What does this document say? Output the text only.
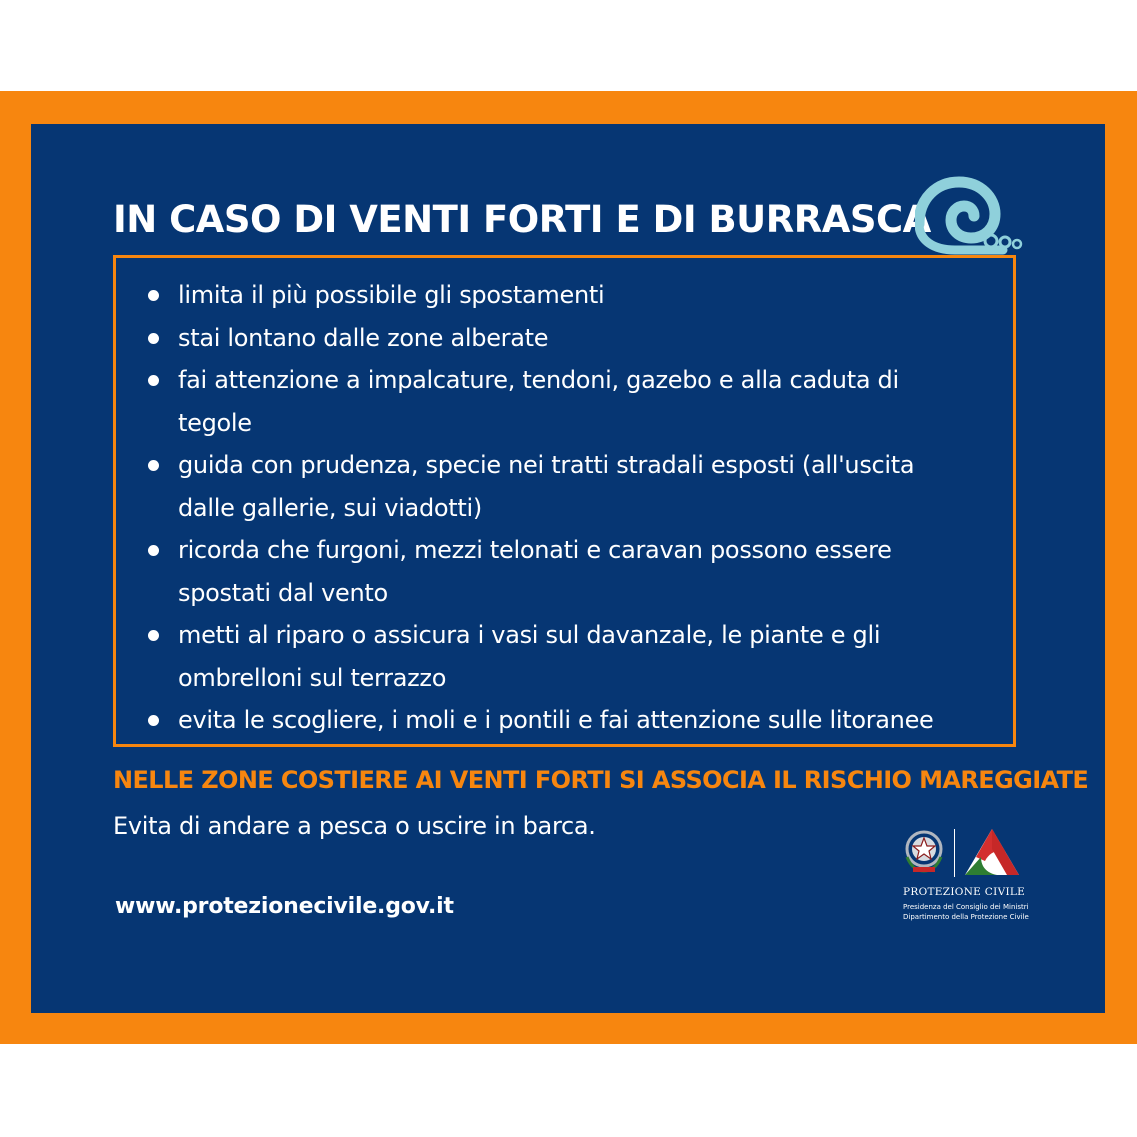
IN CASO DI VENTI FORTI E DI BURRASCA
limita il più possibile gli spostamenti
stai lontano dalle zone alberate
fai attenzione a impalcature, tendoni, gazebo e alla caduta di tegole
guida con prudenza, specie nei tratti stradali esposti (all'uscita dalle gallerie, sui viadotti)
ricorda che furgoni, mezzi telonati e caravan possono essere spostati dal vento
metti al riparo o assicura i vasi sul davanzale, le piante e gli ombrelloni sul terrazzo
evita le scogliere, i moli e i pontili e fai attenzione sulle litoranee

NELLE ZONE COSTIERE AI VENTI FORTI SI ASSOCIA IL RISCHIO MAREGGIATE

Evita di andare a pesca o uscire in barca.

www.protezionecivile.gov.it

PROTEZIONE CIVILE

Presidenza del Consiglio dei Ministri

Dipartimento della Protezione Civile
